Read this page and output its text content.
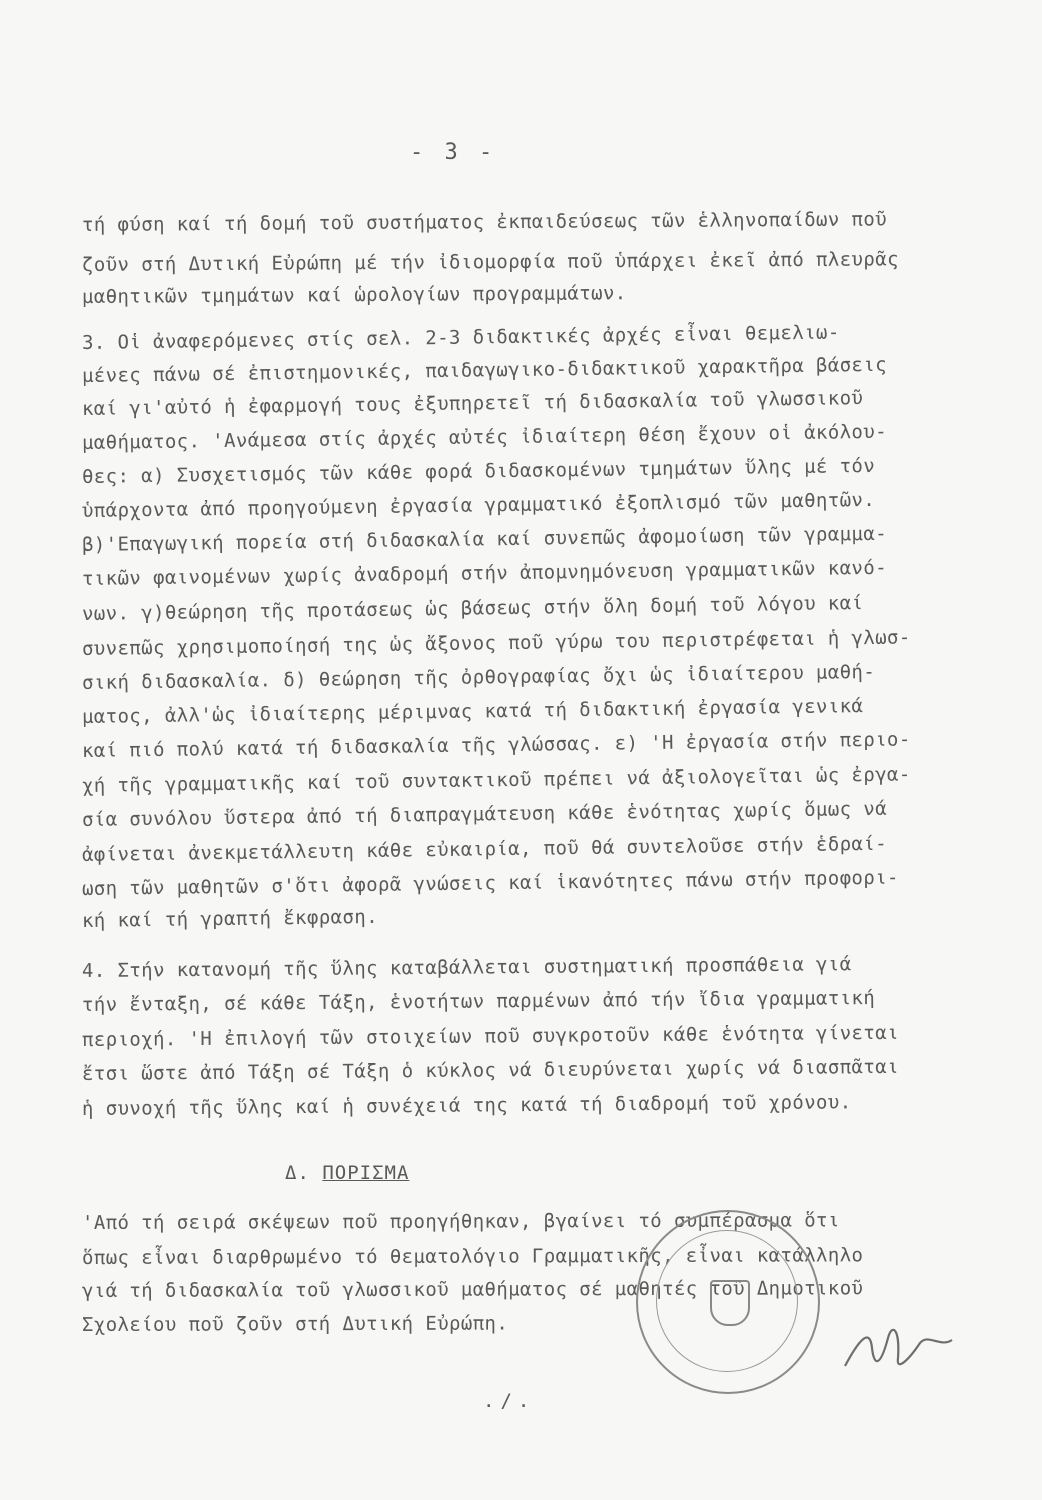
- 3 -
τή φύση καί τή δομή τοῦ συστήματος ἐκπαιδεύσεως τῶν ἑλληνοπαίδων ποῦ
ζοῦν στή Δυτική Εὐρώπη μέ τήν ἰδιομορφία ποῦ ὑπάρχει ἐκεῖ ἀπό πλευρᾶς
μαθητικῶν τμημάτων καί ὡρολογίων προγραμμάτων.
3. Οἱ ἀναφερόμενες στίς σελ. 2-3 διδακτικές ἀρχές εἶναι θεμελιω-
μένες πάνω σέ ἐπιστημονικές, παιδαγωγικο-διδακτικοῦ χαρακτῆρα βάσεις
καί γι'αὐτό ἡ ἐφαρμογή τους ἐξυπηρετεῖ τή διδασκαλία τοῦ γλωσσικοῦ
μαθήματος. 'Ανάμεσα στίς ἀρχές αὐτές ἰδιαίτερη θέση ἔχουν οἱ ἀκόλου-
θες: α) Συσχετισμός τῶν κάθε φορά διδασκομένων τμημάτων ὕλης μέ τόν
ὑπάρχοντα ἀπό προηγούμενη ἐργασία γραμματικό ἐξοπλισμό τῶν μαθητῶν.
β)'Επαγωγική πορεία στή διδασκαλία καί συνεπῶς ἀφομοίωση τῶν γραμμα-
τικῶν φαινομένων χωρίς ἀναδρομή στήν ἀπομνημόνευση γραμματικῶν κανό-
νων. γ)θεώρηση τῆς προτάσεως ὡς βάσεως στήν ὅλη δομή τοῦ λόγου καί
συνεπῶς χρησιμοποίησή της ὡς ἄξονος ποῦ γύρω του περιστρέφεται ἡ γλωσ-
σική διδασκαλία. δ) θεώρηση τῆς ὀρθογραφίας ὄχι ὡς ἰδιαίτερου μαθή-
ματος, ἀλλ'ὡς ἰδιαίτερης μέριμνας κατά τή διδακτική ἐργασία γενικά
καί πιό πολύ κατά τή διδασκαλία τῆς γλώσσας. ε) 'Η ἐργασία στήν περιο-
χή τῆς γραμματικῆς καί τοῦ συντακτικοῦ πρέπει νά ἀξιολογεῖται ὡς ἐργα-
σία συνόλου ὕστερα ἀπό τή διαπραγμάτευση κάθε ἑνότητας χωρίς ὅμως νά
ἀφίνεται ἀνεκμετάλλευτη κάθε εὐκαιρία, ποῦ θά συντελοῦσε στήν ἑδραί-
ωση τῶν μαθητῶν σ'ὅτι ἀφορᾶ γνώσεις καί ἱκανότητες πάνω στήν προφορι-
κή καί τή γραπτή ἔκφραση.
4. Στήν κατανομή τῆς ὕλης καταβάλλεται συστηματική προσπάθεια γιά
τήν ἔνταξη, σέ κάθε Τάξη, ἑνοτήτων παρμένων ἀπό τήν ἴδια γραμματική
περιοχή. 'Η ἐπιλογή τῶν στοιχείων ποῦ συγκροτοῦν κάθε ἑνότητα γίνεται
ἔτσι ὥστε ἀπό Τάξη σέ Τάξη ὁ κύκλος νά διευρύνεται χωρίς νά διασπᾶται
ἡ συνοχή τῆς ὕλης καί ἡ συνέχειά της κατά τή διαδρομή τοῦ χρόνου.
Δ. ΠΟΡΙΣΜΑ
'Από τή σειρά σκέψεων ποῦ προηγήθηκαν, βγαίνει τό συμπέρασμα ὅτι
ὅπως εἶναι διαρθρωμένο τό θεματολόγιο Γραμματικῆς, εἶναι κατάλληλο
γιά τή διδασκαλία τοῦ γλωσσικοῦ μαθήματος σέ μαθητές τοῦ Δημοτικοῦ
Σχολείου ποῦ ζοῦν στή Δυτική Εὐρώπη.
./.
